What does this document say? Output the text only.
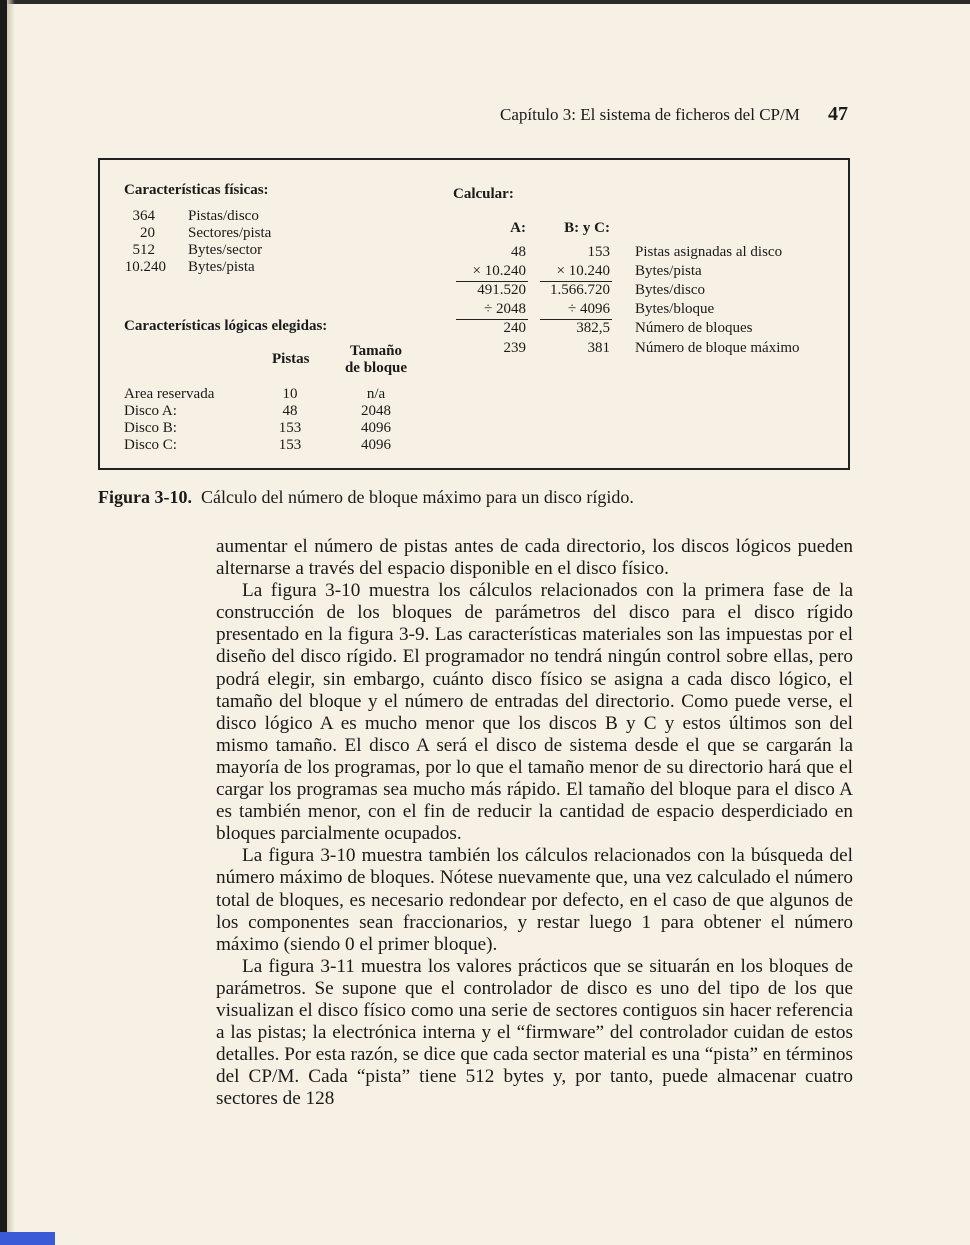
Capítulo 3: El sistema de ficheros del CP/M 47
Características físicas:
364 Pistas/disco
20 Sectores/pista
512 Bytes/sector
10.240 Bytes/pista
Características lógicas elegidas:
Pistas	Tamaño
de bloque
Area reservada	10	n/a
Disco A:	48	2048
Disco B:	153	4096
Disco C:	153	4096
Calcular:
A:	B: y C:
48	153 Pistas asignadas al disco
× 10.240	× 10.240 Bytes/pista
491.520	1.566.720 Bytes/disco
÷ 2048	÷ 4096 Bytes/bloque
240	382,5 Número de bloques
239	381 Número de bloque máximo
Figura 3-10. Cálculo del número de bloque máximo para un disco rígido.

aumentar el número de pistas antes de cada directorio, los discos lógicos pueden alternarse a través del espacio disponible en el disco físico.

La figura 3-10 muestra los cálculos relacionados con la primera fase de la construcción de los bloques de parámetros del disco para el disco rígido presentado en la figura 3-9. Las características materiales son las impuestas por el diseño del disco rígido. El programador no tendrá ningún control sobre ellas, pero podrá elegir, sin embargo, cuánto disco físico se asigna a cada disco lógico, el tamaño del bloque y el número de entradas del directorio. Como puede verse, el disco lógico A es mucho menor que los discos B y C y estos últimos son del mismo tamaño. El disco A será el disco de sistema desde el que se cargarán la mayoría de los programas, por lo que el tamaño menor de su directorio hará que el cargar los programas sea mucho más rápido. El tamaño del bloque para el disco A es también menor, con el fin de reducir la cantidad de espacio desperdiciado en bloques parcialmente ocupados.

La figura 3-10 muestra también los cálculos relacionados con la búsqueda del número máximo de bloques. Nótese nuevamente que, una vez calculado el número total de bloques, es necesario redondear por defecto, en el caso de que algunos de los componentes sean fraccionarios, y restar luego 1 para obtener el número máximo (siendo 0 el primer bloque).

La figura 3-11 muestra los valores prácticos que se situarán en los bloques de parámetros. Se supone que el controlador de disco es uno del tipo de los que visualizan el disco físico como una serie de sectores contiguos sin hacer referencia a las pistas; la electrónica interna y el “firmware” del controlador cuidan de estos detalles. Por esta razón, se dice que cada sector material es una “pista” en términos del CP/M. Cada “pista” tiene 512 bytes y, por tanto, puede almacenar cuatro sectores de 128
